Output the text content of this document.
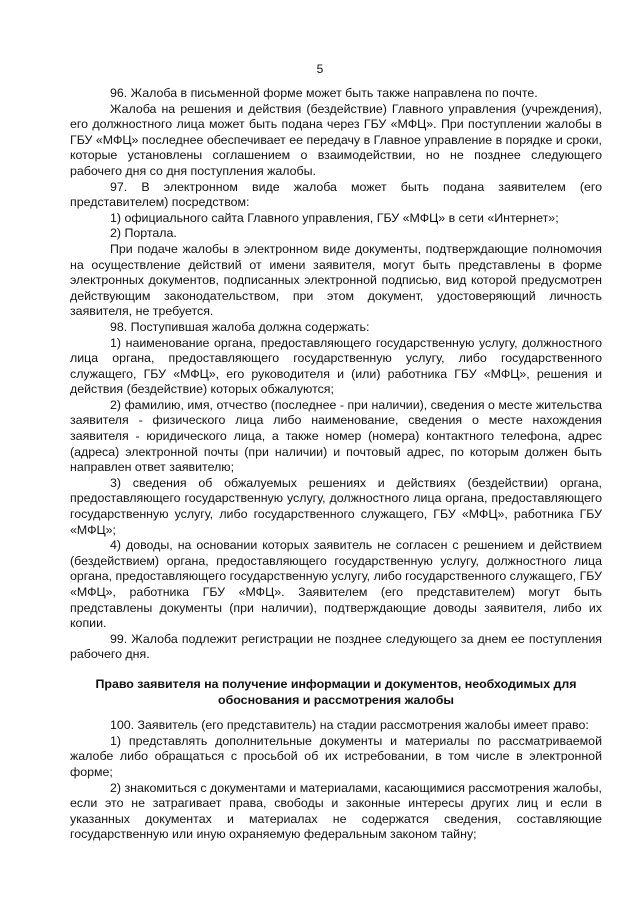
5

96. Жалоба в письменной форме может быть также направлена по почте.

Жалоба на решения и действия (бездействие) Главного управления (учреждения), его должностного лица может быть подана через ГБУ «МФЦ». При поступлении жалобы в ГБУ «МФЦ» последнее обеспечивает ее передачу в Главное управление в порядке и сроки, которые установлены соглашением о взаимодействии, но не позднее следующего рабочего дня со дня поступления жалобы.

97. В электронном виде жалоба может быть подана заявителем (его представителем) посредством:

1) официального сайта Главного управления, ГБУ «МФЦ» в сети «Интернет»;

2) Портала.

При подаче жалобы в электронном виде документы, подтверждающие полномочия на осуществление действий от имени заявителя, могут быть представлены в форме электронных документов, подписанных электронной подписью, вид которой предусмотрен действующим законодательством, при этом документ, удостоверяющий личность заявителя, не требуется.

98. Поступившая жалоба должна содержать:

1) наименование органа, предоставляющего государственную услугу, должностного лица органа, предоставляющего государственную услугу, либо государственного служащего, ГБУ «МФЦ», его руководителя и (или) работника ГБУ «МФЦ», решения и действия (бездействие) которых обжалуются;

2) фамилию, имя, отчество (последнее - при наличии), сведения о месте жительства заявителя - физического лица либо наименование, сведения о месте нахождения заявителя - юридического лица, а также номер (номера) контактного телефона, адрес (адреса) электронной почты (при наличии) и почтовый адрес, по которым должен быть направлен ответ заявителю;

3) сведения об обжалуемых решениях и действиях (бездействии) органа, предоставляющего государственную услугу, должностного лица органа, предоставляющего государственную услугу, либо государственного служащего, ГБУ «МФЦ», работника ГБУ «МФЦ»;

4) доводы, на основании которых заявитель не согласен с решением и действием (бездействием) органа, предоставляющего государственную услугу, должностного лица органа, предоставляющего государственную услугу, либо государственного служащего, ГБУ «МФЦ», работника ГБУ «МФЦ». Заявителем (его представителем) могут быть представлены документы (при наличии), подтверждающие доводы заявителя, либо их копии.

99. Жалоба подлежит регистрации не позднее следующего за днем ее поступления рабочего дня.

Право заявителя на получение информации и документов, необходимых для обоснования и рассмотрения жалобы

100. Заявитель (его представитель) на стадии рассмотрения жалобы имеет право:

1) представлять дополнительные документы и материалы по рассматриваемой жалобе либо обращаться с просьбой об их истребовании, в том числе в электронной форме;

2) знакомиться с документами и материалами, касающимися рассмотрения жалобы, если это не затрагивает права, свободы и законные интересы других лиц и если в указанных документах и материалах не содержатся сведения, составляющие государственную или иную охраняемую федеральным законом тайну;
